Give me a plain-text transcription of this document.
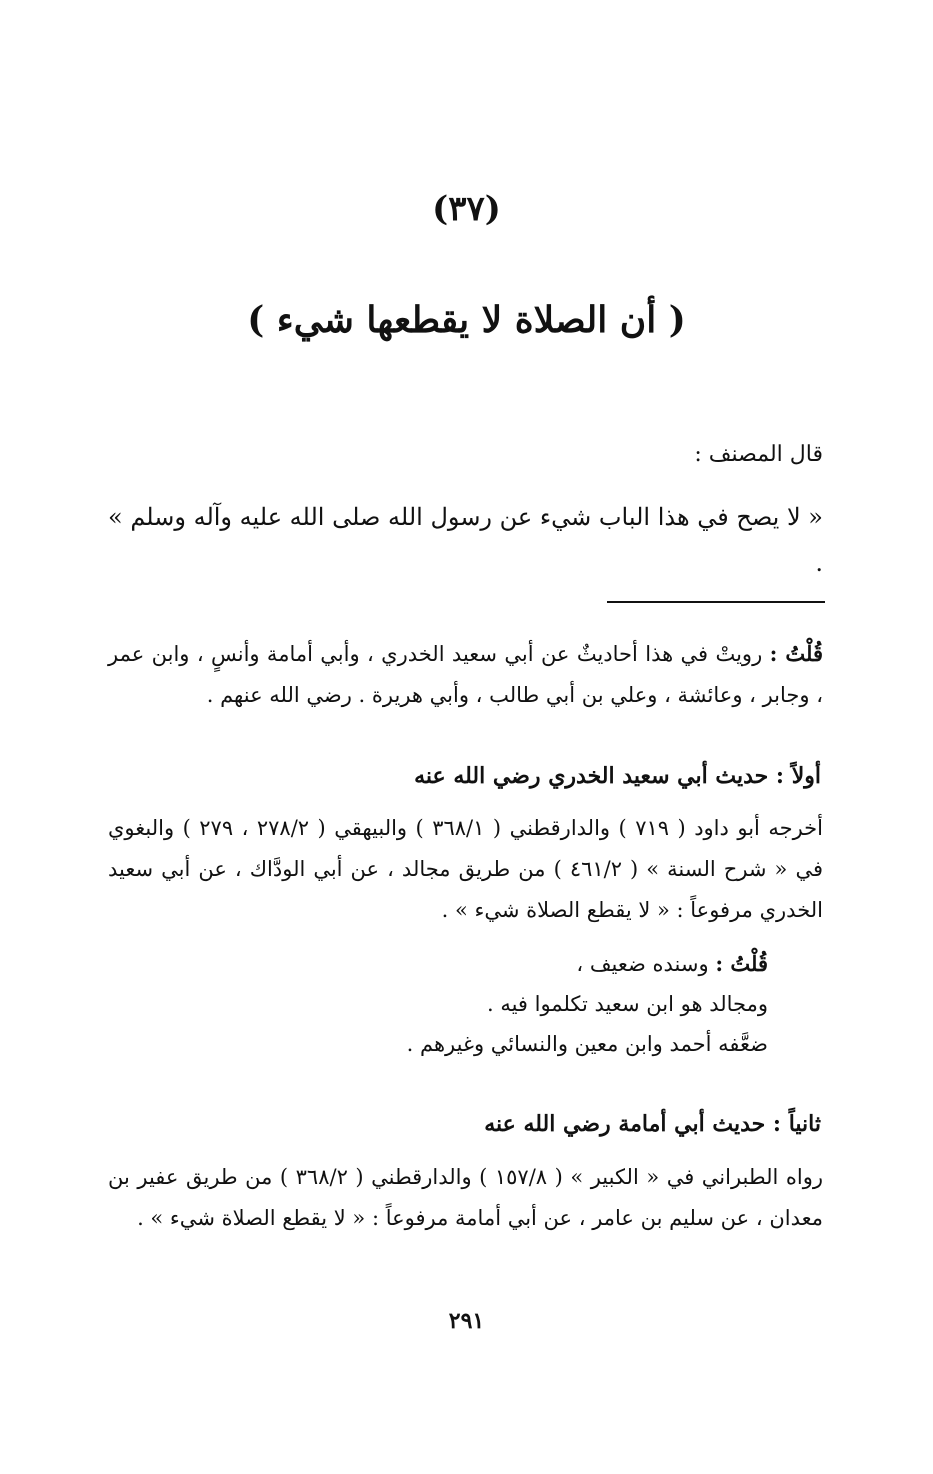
(٣٧)
( أن الصلاة لا يقطعها شيء )
قال المصنف :
« لا يصح في هذا الباب شيء عن رسول الله صلى الله عليه وآله وسلم » .
قُلْتُ : رويتْ في هذا أحاديثٌ عن أبي سعيد الخدري ، وأبي أمامة وأنسٍ ، وابن عمر ، وجابر ، وعائشة ، وعلي بن أبي طالب ، وأبي هريرة . رضي الله عنهم .
أولاً : حديث أبي سعيد الخدري رضي الله عنه
أخرجه أبو داود ( ٧١٩ ) والدارقطني ( ٣٦٨/١ ) والبيهقي ( ٢٧٨/٢ ، ٢٧٩ ) والبغوي في « شرح السنة » ( ٤٦١/٢ ) من طريق مجالد ، عن أبي الودَّاك ، عن أبي سعيد الخدري مرفوعاً : « لا يقطع الصلاة شيء » .
قُلْتُ : وسنده ضعيف ،
ومجالد هو ابن سعيد تكلموا فيه .
ضعَّفه أحمد وابن معين والنسائي وغيرهم .
ثانياً : حديث أبي أمامة رضي الله عنه
رواه الطبراني في « الكبير » ( ١٥٧/٨ ) والدارقطني ( ٣٦٨/٢ ) من طريق عفير بن معدان ، عن سليم بن عامر ، عن أبي أمامة مرفوعاً : « لا يقطع الصلاة شيء » .
٢٩١
